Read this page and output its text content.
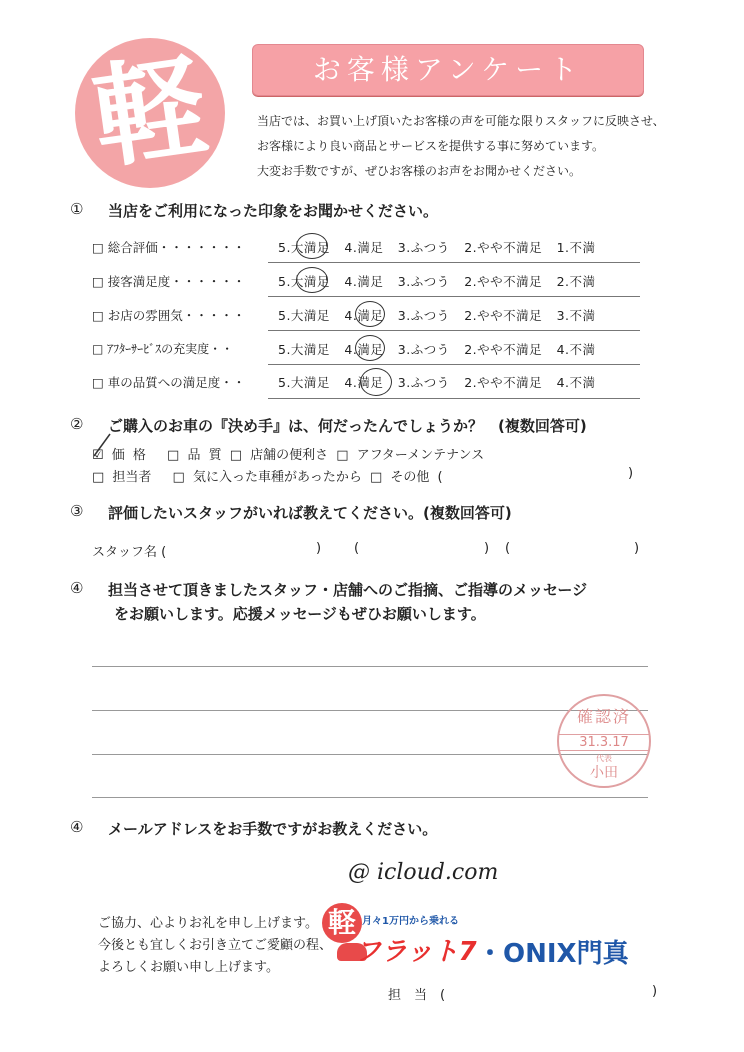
軽	お客様アンケート
当店では、お買い上げ頂いたお客様の声を可能な限りスタッフに反映させ、
お客様により良い商品とサービスを提供する事に努めています。
大変お手数ですが、ぜひお客様のお声をお聞かせください。
① 当店をご利用になった印象をお聞かせください。
□ 総合評価・・・・・・・	5.大満足 4.満足 3.ふつう 2.やや不満足 1.不満
□ 接客満足度・・・・・・	5.大満足 4.満足 3.ふつう 2.やや不満足 2.不満
□ お店の雰囲気・・・・・	5.大満足 4.満足 3.ふつう 2.やや不満足 3.不満
□ ｱﾌﾀｰｻｰﾋﾞｽの充実度・・	5.大満足 4.満足 3.ふつう 2.やや不満足 4.不満
□ 車の品質への満足度・・	5.大満足 4.満足 3.ふつう 2.やや不満足 4.不満
② ご購入のお車の『決め手』は、何だったんでしょうか？　(複数回答可)
☑ 価 格　 □ 品 質 □ 店舗の便利さ □ アフターメンテナンス
□ 担当者　 □ 気に入った車種があったから □ その他 (	)
③ 評価したいスタッフがいれば教えてください。(複数回答可)
スタッフ名 (	)	(	) (	)
④ 担当させて頂きましたスタッフ・店舗へのご指摘、ご指導のメッセージ
をお願いします。応援メッセージもぜひお願いします。
確認済
31.3.17
代表
小田
④ メールアドレスをお手数ですがお教えください。
@ icloud.com
ご協力、心よりお礼を申し上げます。
今後とも宜しくお引き立てご愛顧の程、
よろしくお願い申し上げます。
軽 月々1万円から乗れる
フラット7 ・ONIX門真
担　当　(	)
